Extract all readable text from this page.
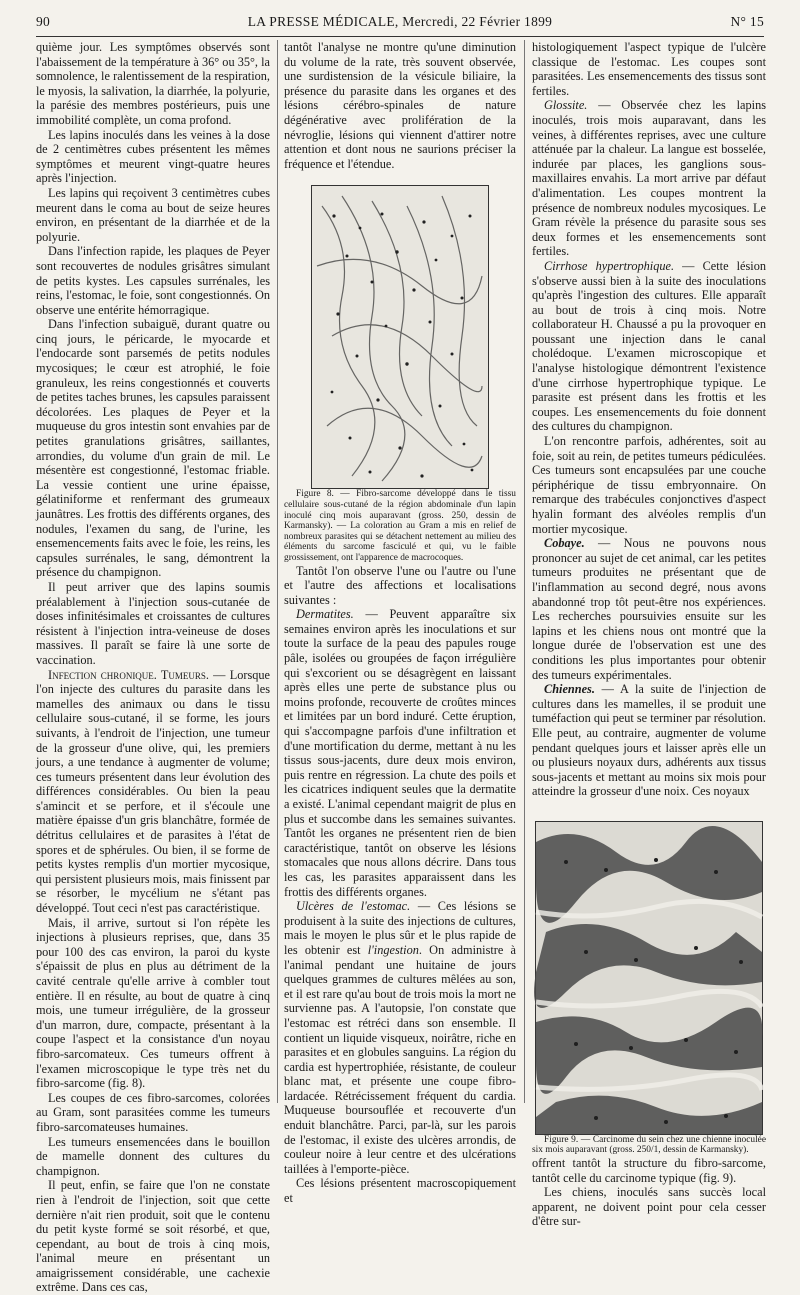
90	LA PRESSE MÉDICALE, Mercredi, 22 Février 1899	N° 15

quième jour. Les symptômes observés sont l'abaissement de la température à 36° ou 35°, la somnolence, le ralentissement de la respiration, le myosis, la salivation, la diarrhée, la polyurie, la parésie des membres postérieurs, puis une immobilité complète, un coma profond.

Les lapins inoculés dans les veines à la dose de 2 centimètres cubes présentent les mêmes symptômes et meurent vingt-quatre heures après l'injection.

Les lapins qui reçoivent 3 centimètres cubes meurent dans le coma au bout de seize heures environ, en présentant de la diarrhée et de la polyurie.

Dans l'infection rapide, les plaques de Peyer sont recouvertes de nodules grisâtres simulant de petits kystes. Les capsules surrénales, les reins, l'estomac, le foie, sont congestionnés. On observe une entérite hémorragique.

Dans l'infection subaiguë, durant quatre ou cinq jours, le péricarde, le myocarde et l'endocarde sont parsemés de petits nodules mycosiques; le cœur est atrophié, le foie granuleux, les reins congestionnés et couverts de petites taches brunes, les capsules paraissent décolorées. Les plaques de Peyer et la muqueuse du gros intestin sont envahies par de petites granulations grisâtres, saillantes, arrondies, du volume d'un grain de mil. Le mésentère est congestionné, l'estomac friable. La vessie contient une urine épaisse, gélatiniforme et renfermant des grumeaux jaunâtres. Les frottis des différents organes, des nodules, l'examen du sang, de l'urine, les ensemencements faits avec le foie, les reins, les capsules surrénales, le sang, démontrent la présence du champignon.

Il peut arriver que des lapins soumis préalablement à l'injection sous-cutanée de doses infinitésimales et croissantes de cultures résistent à l'injection intra-veineuse de doses massives. Il paraît se faire là une sorte de vaccination.

Infection chronique. Tumeurs. — Lorsque l'on injecte des cultures du parasite dans les mamelles des animaux ou dans le tissu cellulaire sous-cutané, il se forme, les jours suivants, à l'endroit de l'injection, une tumeur de la grosseur d'une olive, qui, les premiers jours, a une tendance à augmenter de volume; ces tumeurs présentent dans leur évolution des différences considérables. Ou bien la peau s'amincit et se perfore, et il s'écoule une matière épaisse d'un gris blanchâtre, formée de détritus cellulaires et de parasites à l'état de spores et de sphérules. Ou bien, il se forme de petits kystes remplis d'un mortier mycosique, qui persistent plusieurs mois, mais finissent par se résorber, le mycélium ne s'étant pas développé. Tout ceci n'est pas caractéristique.

Mais, il arrive, surtout si l'on répète les injections à plusieurs reprises, que, dans 35 pour 100 des cas environ, la paroi du kyste s'épaissit de plus en plus au détriment de la cavité centrale qu'elle arrive à combler tout entière. Il en résulte, au bout de quatre à cinq mois, une tumeur irrégulière, de la grosseur d'un marron, dure, compacte, présentant à la coupe l'aspect et la consistance d'un noyau fibro-sarcomateux. Ces tumeurs offrent à l'examen microscopique le type très net du fibro-sarcome (fig. 8).

Les coupes de ces fibro-sarcomes, colorées au Gram, sont parasitées comme les tumeurs fibro-sarcomateuses humaines.

Les tumeurs ensemencées dans le bouillon de mamelle donnent des cultures du champignon.

Il peut, enfin, se faire que l'on ne constate rien à l'endroit de l'injection, soit que cette dernière n'ait rien produit, soit que le contenu du petit kyste formé se soit résorbé, et que, cependant, au bout de trois à cinq mois, l'animal meure en présentant un amaigrissement considérable, une cachexie extrême. Dans ces cas,

tantôt l'analyse ne montre qu'une diminution du volume de la rate, très souvent observée, une surdistension de la vésicule biliaire, la présence du parasite dans les organes et des lésions cérébro-spinales de nature dégénérative avec prolifération de la névroglie, lésions qui viennent d'attirer notre attention et dont nous ne saurions préciser la fréquence et l'étendue.

Figure 8. — Fibro-sarcome développé dans le tissu cellulaire sous-cutané de la région abdominale d'un lapin inoculé cinq mois auparavant (gross. 250, dessin de Karmansky). — La coloration au Gram a mis en relief de nombreux parasites qui se détachent nettement au milieu des éléments du sarcome fasciculé et qui, vu le faible grossissement, ont l'apparence de macrocoques.

Tantôt l'on observe l'une ou l'autre ou l'une et l'autre des affections et localisations suivantes :

Dermatites. — Peuvent apparaître six semaines environ après les inoculations et sur toute la surface de la peau des papules rouge pâle, isolées ou groupées de façon irrégulière qui s'excorient ou se désagrègent en laissant après elles une perte de substance plus ou moins profonde, recouverte de croûtes minces et limitées par un bord induré. Cette éruption, qui s'accompagne parfois d'une infiltration et d'une mortification du derme, mettant à nu les tissus sous-jacents, dure deux mois environ, puis rentre en régression. La chute des poils et les cicatrices indiquent seules que la dermatite a existé. L'animal cependant maigrit de plus en plus et succombe dans les semaines suivantes. Tantôt les organes ne présentent rien de bien caractéristique, tantôt on observe les lésions stomacales que nous allons décrire. Dans tous les cas, les parasites apparaissent dans les frottis des différents organes.

Ulcères de l'estomac. — Ces lésions se produisent à la suite des injections de cultures, mais le moyen le plus sûr et le plus rapide de les obtenir est l'ingestion. On administre à l'animal pendant une huitaine de jours quelques grammes de cultures mêlées au son, et il est rare qu'au bout de trois mois la mort ne survienne pas. A l'autopsie, l'on constate que l'estomac est rétréci dans son ensemble. Il contient un liquide visqueux, noirâtre, riche en parasites et en globules sanguins. La région du cardia est hypertrophiée, résistante, de couleur blanc mat, et présente une coupe fibro-lardacée. Rétrécissement fréquent du cardia. Muqueuse boursouflée et recouverte d'un enduit blanchâtre. Parci, par-là, sur les parois de l'estomac, il existe des ulcères arrondis, de couleur noire à leur centre et des ulcérations taillées à l'emporte-pièce.

Ces lésions présentent macroscopiquement et

histologiquement l'aspect typique de l'ulcère classique de l'estomac. Les coupes sont parasitées. Les ensemencements des tissus sont fertiles.

Glossite. — Observée chez les lapins inoculés, trois mois auparavant, dans les veines, à différentes reprises, avec une culture atténuée par la chaleur. La langue est bosselée, indurée par places, les ganglions sous-maxillaires envahis. La mort arrive par défaut d'alimentation. Les coupes montrent la présence de nombreux nodules mycosiques. Le Gram révèle la présence du parasite sous ses deux formes et les ensemencements sont fertiles.

Cirrhose hypertrophique. — Cette lésion s'observe aussi bien à la suite des inoculations qu'après l'ingestion des cultures. Elle apparaît au bout de trois à cinq mois. Notre collaborateur H. Chaussé a pu la provoquer en poussant une injection dans le canal cholédoque. L'examen microscopique et l'analyse histologique démontrent l'existence d'une cirrhose hypertrophique typique. Le parasite est présent dans les frottis et les coupes. Les ensemencements du foie donnent des cultures du champignon.

L'on rencontre parfois, adhérentes, soit au foie, soit au rein, de petites tumeurs pédiculées. Ces tumeurs sont encapsulées par une couche périphérique de tissu embryonnaire. On remarque des trabécules conjonctives d'aspect hyalin formant des alvéoles remplis d'un mortier mycosique.

Cobaye. — Nous ne pouvons nous prononcer au sujet de cet animal, car les petites tumeurs produites ne présentant que de l'inflammation au second degré, nous avons abandonné trop tôt peut-être nos expériences. Les recherches poursuivies ensuite sur les lapins et les chiens nous ont montré que la longue durée de l'observation est une des conditions les plus importantes pour obtenir des tumeurs expérimentales.

Chiennes. — A la suite de l'injection de cultures dans les mamelles, il se produit une tuméfaction qui peut se terminer par résolution. Elle peut, au contraire, augmenter de volume pendant quelques jours et laisser après elle un ou plusieurs noyaux durs, adhérents aux tissus sous-jacents et mettant au moins six mois pour atteindre la grosseur d'une noix. Ces noyaux

Figure 9. — Carcinome du sein chez une chienne inoculée six mois auparavant (gross. 250/1, dessin de Karmansky).

offrent tantôt la structure du fibro-sarcome, tantôt celle du carcinome typique (fig. 9).

Les chiens, inoculés sans succès local apparent, ne doivent point pour cela cesser d'être sur-
